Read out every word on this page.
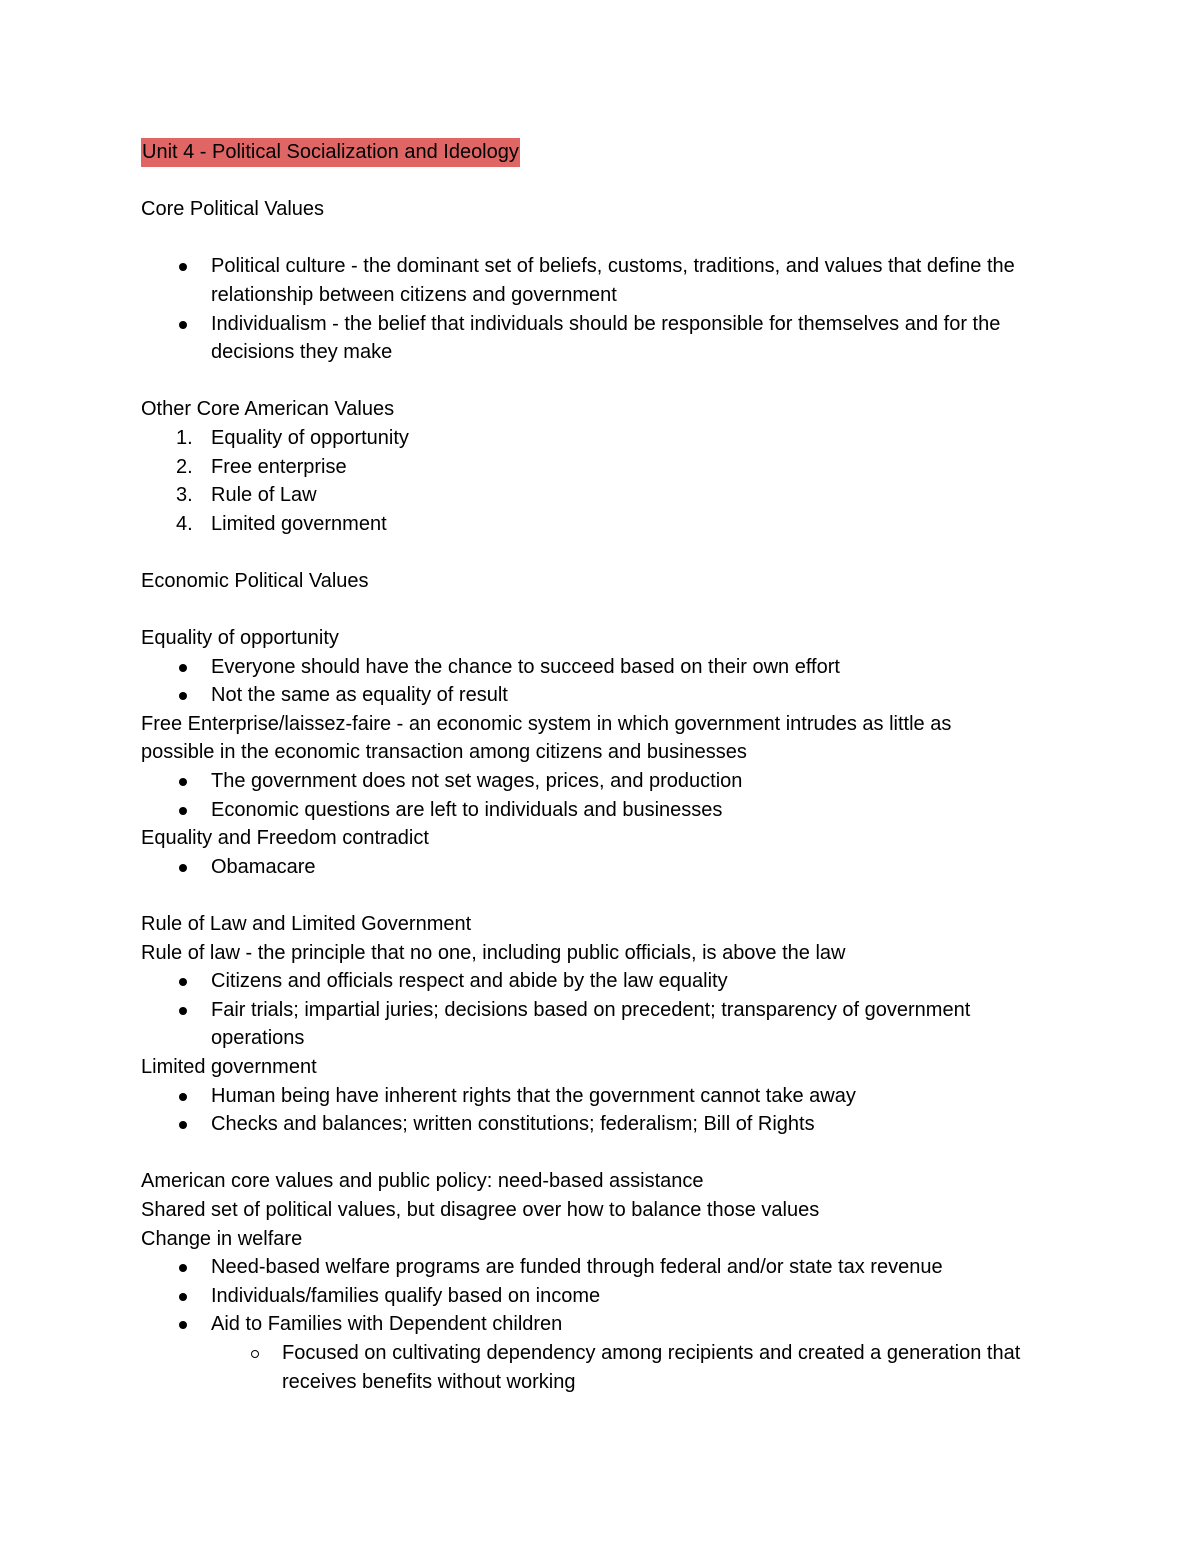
Unit 4 - Political Socialization and Ideology
Core Political Values
Political culture - the dominant set of beliefs, customs, traditions, and values that define the relationship between citizens and government
Individualism - the belief that individuals should be responsible for themselves and for the decisions they make
Other Core American Values
1. Equality of opportunity
2. Free enterprise
3. Rule of Law
4. Limited government
Economic Political Values
Equality of opportunity
Everyone should have the chance to succeed based on their own effort
Not the same as equality of result
Free Enterprise/laissez-faire - an economic system in which government intrudes as little as possible in the economic transaction among citizens and businesses
The government does not set wages, prices, and production
Economic questions are left to individuals and businesses
Equality and Freedom contradict
Obamacare
Rule of Law and Limited Government
Rule of law - the principle that no one, including public officials, is above the law
Citizens and officials respect and abide by the law equality
Fair trials; impartial juries; decisions based on precedent; transparency of government operations
Limited government
Human being have inherent rights that the government cannot take away
Checks and balances; written constitutions; federalism; Bill of Rights
American core values and public policy: need-based assistance
Shared set of political values, but disagree over how to balance those values
Change in welfare
Need-based welfare programs are funded through federal and/or state tax revenue
Individuals/families qualify based on income
Aid to Families with Dependent children
Focused on cultivating dependency among recipients and created a generation that receives benefits without working
